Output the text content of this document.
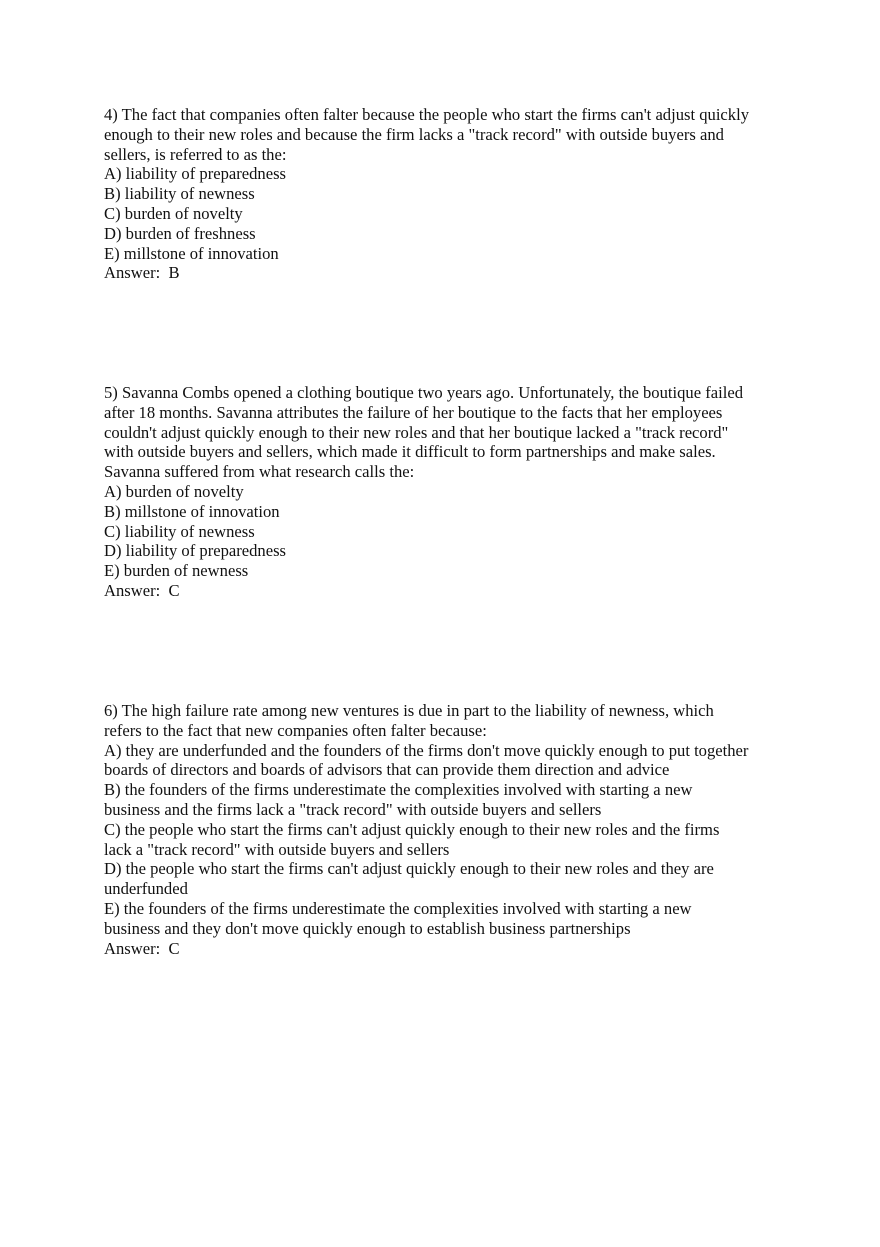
4) The fact that companies often falter because the people who start the firms can't adjust quickly
enough to their new roles and because the firm lacks a "track record" with outside buyers and
sellers, is referred to as the:
A) liability of preparedness
B) liability of newness
C) burden of novelty
D) burden of freshness
E) millstone of innovation
Answer:  B
5) Savanna Combs opened a clothing boutique two years ago. Unfortunately, the boutique failed
after 18 months. Savanna attributes the failure of her boutique to the facts that her employees
couldn't adjust quickly enough to their new roles and that her boutique lacked a "track record"
with outside buyers and sellers, which made it difficult to form partnerships and make sales.
Savanna suffered from what research calls the:
A) burden of novelty
B) millstone of innovation
C) liability of newness
D) liability of preparedness
E) burden of newness
Answer:  C
6) The high failure rate among new ventures is due in part to the liability of newness, which
refers to the fact that new companies often falter because:
A) they are underfunded and the founders of the firms don't move quickly enough to put together
boards of directors and boards of advisors that can provide them direction and advice
B) the founders of the firms underestimate the complexities involved with starting a new
business and the firms lack a "track record" with outside buyers and sellers
C) the people who start the firms can't adjust quickly enough to their new roles and the firms
lack a "track record" with outside buyers and sellers
D) the people who start the firms can't adjust quickly enough to their new roles and they are
underfunded
E) the founders of the firms underestimate the complexities involved with starting a new
business and they don't move quickly enough to establish business partnerships
Answer:  C
